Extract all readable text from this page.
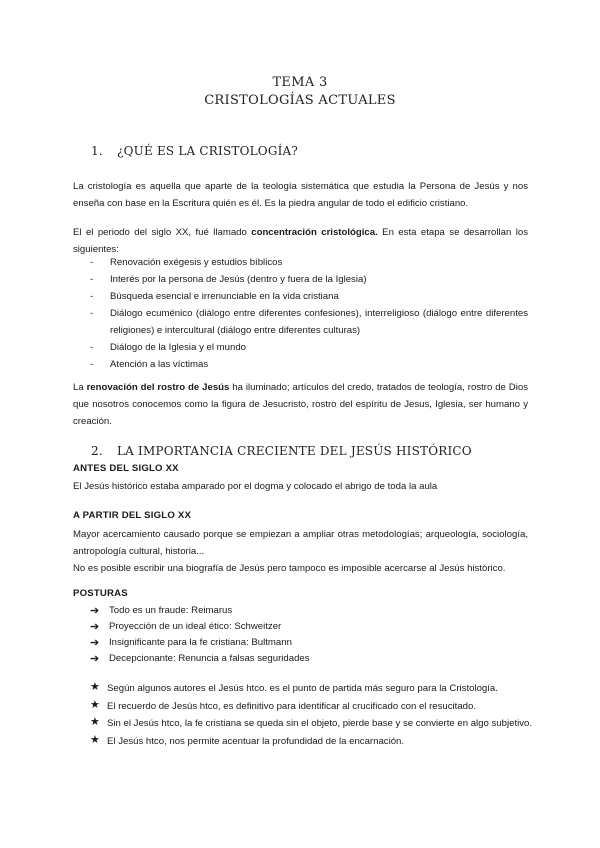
TEMA 3
CRISTOLOGÍAS ACTUALES
1. ¿QUÉ ES LA CRISTOLOGÍA?
La cristología es aquella que aparte de la teología sistemática que estudia la Persona de Jesús y nos enseña con base en la Escritura quién es él. Es la piedra angular de todo el edificio cristiano.
El el periodo del siglo XX, fué llamado concentración cristológica. En esta etapa se desarrollan los siguientes:
- Renovación exégesis y estudios bíblicos
- Interés por la persona de Jesús (dentro y fuera de la Iglesia)
- Búsqueda esencial e irrenunciable en la vida cristiana
- Diálogo ecuménico (diálogo entre diferentes confesiones), interreligioso (diálogo entre diferentes religiones) e intercultural (diálogo entre diferentes culturas)
- Diálogo de la Iglesia y el mundo
- Atención a las víctimas
La renovación del rostro de Jesús ha iluminado; artículos del credo, tratados de teología, rostro de Dios que nosotros conocemos como la figura de Jesucristo, rostro del espíritu de Jesus, Iglesia, ser humano y creación.
2. LA IMPORTANCIA CRECIENTE DEL JESÚS HISTÓRICO
ANTES DEL SIGLO XX
El Jesús histórico estaba amparado por el dogma y colocado el abrigo de toda la aula
A PARTIR DEL SIGLO XX
Mayor acercamiento causado porque se empiezan a ampliar otras metodologías; arqueología, sociología, antropología cultural, historia...
No es posible escribir una biografía de Jesús pero tampoco es imposible acercarse al Jesús histórico.
POSTURAS
➔ Todo es un fraude: Reimarus
➔ Proyección de un ideal ético: Schweitzer
➔ Insignificante para la fe cristiana: Bultmann
➔ Decepcionante: Renuncia a falsas seguridades
★ Según algunos autores el Jesús htco. es el punto de partida más seguro para la Cristología.
★ El recuerdo de Jesús htco, es definitivo para identificar al crucificado con el resucitado.
★ Sin el Jesús htco, la fe cristiana se queda sin el objeto, pierde base y se convierte en algo subjetivo.
★ El Jesús htco, nos permite acentuar la profundidad de la encarnación.
